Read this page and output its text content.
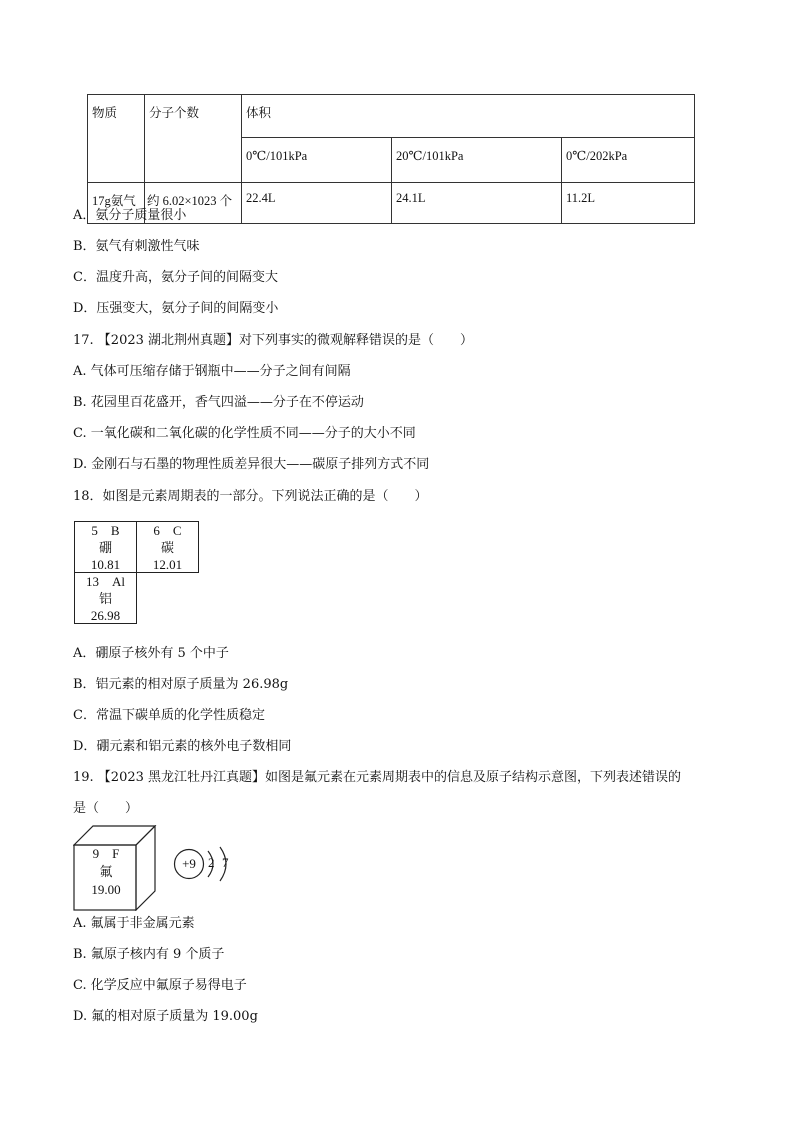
物质	分子个数	体积		
		0℃/101kPa	20℃/101kPa	0℃/202kPa
17g氨气	约 6.02×1023 个	22.4L	24.1L	11.2L
A．氨分子质量很小
B．氨气有刺激性气味
C．温度升高，氨分子间的间隔变大
D．压强变大，氨分子间的间隔变小
17. 【2023 湖北荆州真题】对下列事实的微观解释错误的是（　　）
A. 气体可压缩存储于钢瓶中——分子之间有间隔
B. 花园里百花盛开，香气四溢——分子在不停运动
C. 一氧化碳和二氧化碳的化学性质不同——分子的大小不同
D. 金刚石与石墨的物理性质差异很大——碳原子排列方式不同
18．如图是元素周期表的一部分。下列说法正确的是（　　）
5　B
硼
10.81
6　C
碳
12.01
13　Al
铝
26.98
A．硼原子核外有 5 个中子
B．铝元素的相对原子质量为 26.98g
C．常温下碳单质的化学性质稳定
D．硼元素和铝元素的核外电子数相同
19. 【2023 黑龙江牡丹江真题】如图是氟元素在元素周期表中的信息及原子结构示意图，下列表述错误的
是（　　）
9　F
氟
19.00
+9 2 7
A. 氟属于非金属元素
B. 氟原子核内有 9 个质子
C. 化学反应中氟原子易得电子
D. 氟的相对原子质量为 19.00g
